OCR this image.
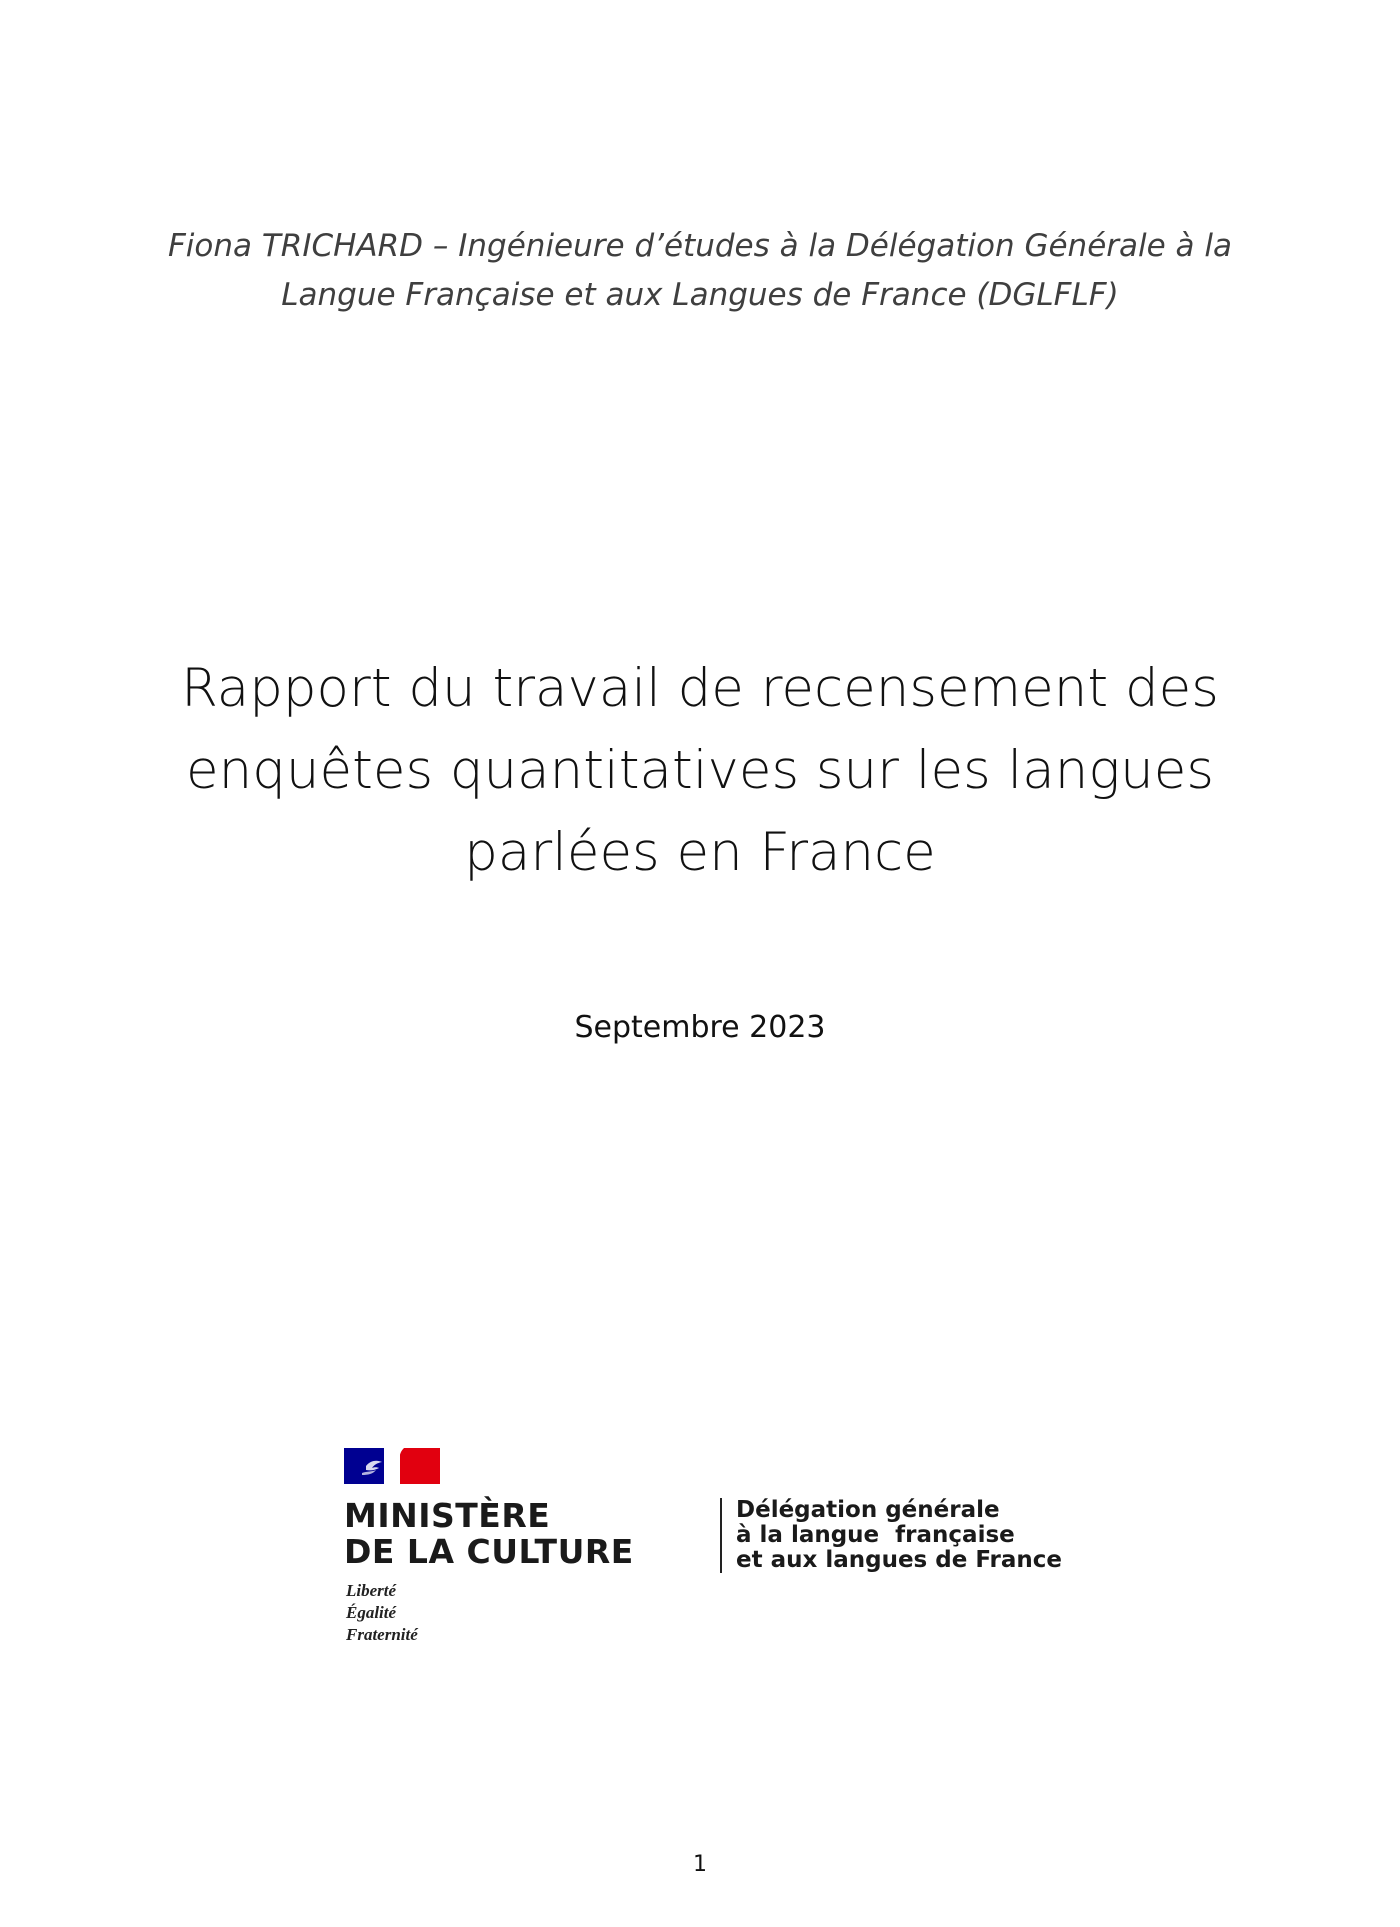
Fiona TRICHARD – Ingénieure d’études à la Délégation Générale à la
Langue Française et aux Langues de France (DGLFLF)
Rapport du travail de recensement des
enquêtes quantitatives sur les langues
parlées en France
Septembre 2023
MINISTÈRE
DE LA CULTURE
Liberté
Égalité
Fraternité
Délégation générale
à la langue  française
et aux langues de France
1
